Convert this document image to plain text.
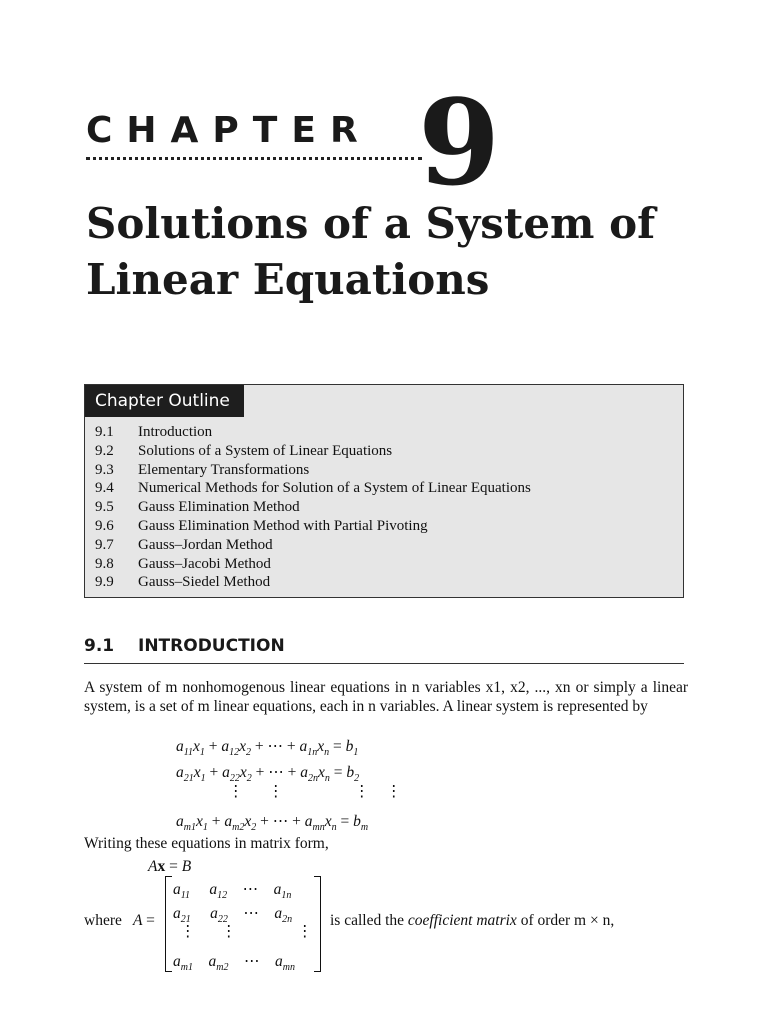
CHAPTER 9
Solutions of a System of Linear Equations
Chapter Outline
9.1	Introduction
9.2	Solutions of a System of Linear Equations
9.3	Elementary Transformations
9.4	Numerical Methods for Solution of a System of Linear Equations
9.5	Gauss Elimination Method
9.6	Gauss Elimination Method with Partial Pivoting
9.7	Gauss–Jordan Method
9.8	Gauss–Jacobi Method
9.9	Gauss–Siedel Method
9.1 INTRODUCTION

A system of m nonhomogenous linear equations in n variables x1, x2, ..., xn or simply a linear system, is a set of m linear equations, each in n variables. A linear system is represented by

$a_{11}x_1 + a_{12}x_2$ + ⋯ + $a_{1n}x_n = b_1$
$a_{21}x_1 + a_{22}x_2$ + ⋯ + $a_{2n}x_n = b_2$
⋮ ⋮	⋮ ⋮
$a_{m1}x_1 + a_{m2}x_2$ + ⋯ + $a_{mn}x_n = b_m$

Writing these equations in matrix form,

Ax = B
where A =
$a_{11}$     $a_{12}$ ⋯    $a_{1n}$
$a_{21}$     $a_{22}$ ⋯    $a_{2n}$
⋮ ⋮	⋮
$a_{m1}$    $a_{m2}$ ⋯    $a_{mn}$
is called the coefficient matrix of order m × n,
